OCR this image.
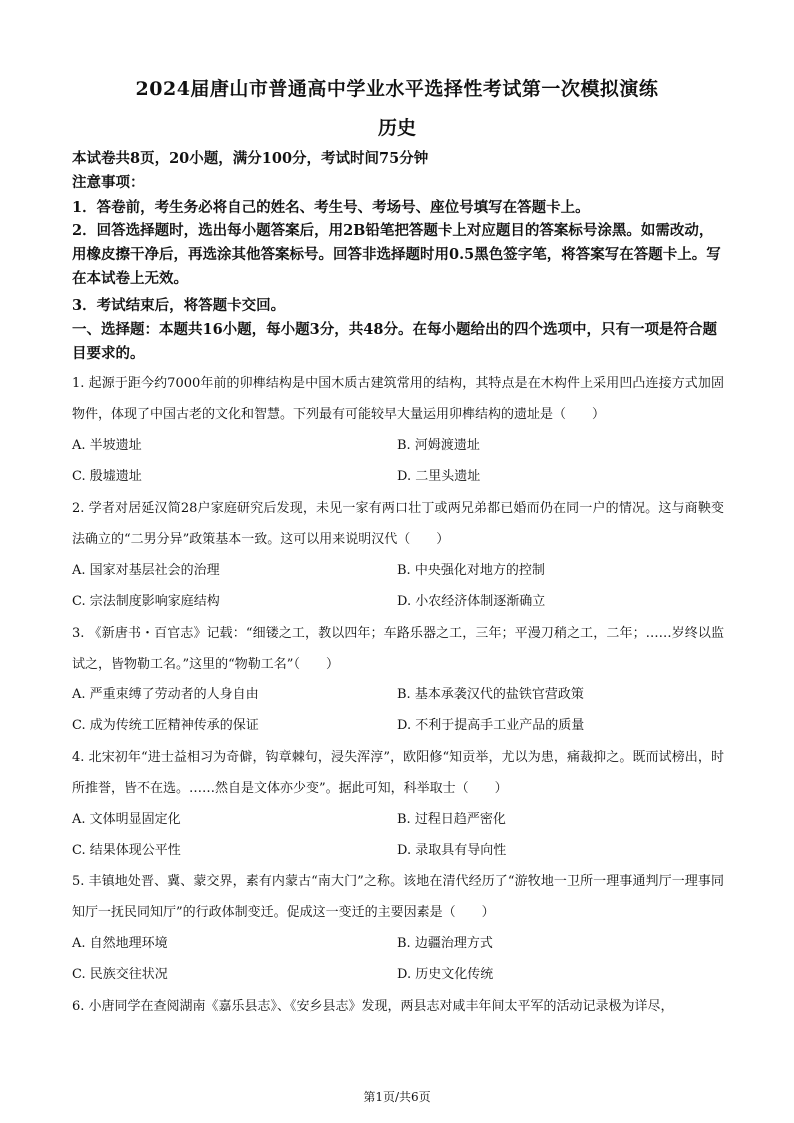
2024届唐山市普通高中学业水平选择性考试第一次模拟演练
历史

本试卷共8页，20小题，满分100分，考试时间75分钟

注意事项：

1．答卷前，考生务必将自己的姓名、考生号、考场号、座位号填写在答题卡上。

2．回答选择题时，选出每小题答案后，用2B铅笔把答题卡上对应题目的答案标号涂黑。如需改动，用橡皮擦干净后，再选涂其他答案标号。回答非选择题时用0.5黑色签字笔，将答案写在答题卡上。写在本试卷上无效。

3．考试结束后，将答题卡交回。

一、选择题：本题共16小题，每小题3分，共48分。在每小题给出的四个选项中，只有一项是符合题目要求的。

1. 起源于距今约7000年前的卯榫结构是中国木质古建筑常用的结构，其特点是在木构件上采用凹凸连接方式加固物件，体现了中国古老的文化和智慧。下列最有可能较早大量运用卯榫结构的遗址是（　　）

A. 半坡遗址	B. 河姆渡遗址
C. 殷墟遗址	D. 二里头遗址

2. 学者对居延汉简28户家庭研究后发现，未见一家有两口壮丁或两兄弟都已婚而仍在同一户的情况。这与商鞅变法确立的“二男分异”政策基本一致。这可以用来说明汉代（　　）

A. 国家对基层社会的治理	B. 中央强化对地方的控制
C. 宗法制度影响家庭结构	D. 小农经济体制逐渐确立

3. 《新唐书・百官志》记载：“细镂之工，教以四年；车路乐器之工，三年；平漫刀稍之工，二年；……岁终以监试之，皆物勒工名。”这里的“物勒工名”（　　）

A. 严重束缚了劳动者的人身自由	B. 基本承袭汉代的盐铁官营政策
C. 成为传统工匠精神传承的保证	D. 不利于提高手工业产品的质量

4. 北宋初年“进士益相习为奇僻，钩章棘句，浸失浑淳”，欧阳修“知贡举，尤以为患，痛裁抑之。既而试榜出，时所推誉，皆不在选。……然自是文体亦少变”。据此可知，科举取士（　　）

A. 文体明显固定化	B. 过程日趋严密化
C. 结果体现公平性	D. 录取具有导向性

5. 丰镇地处晋、冀、蒙交界，素有内蒙古“南大门”之称。该地在清代经历了“游牧地一卫所一理事通判厅一理事同知厅一抚民同知厅”的行政体制变迁。促成这一变迁的主要因素是（　　）

A. 自然地理环境	B. 边疆治理方式
C. 民族交往状况	D. 历史文化传统

6. 小唐同学在查阅湖南《嘉乐县志》、《安乡县志》发现，两县志对咸丰年间太平军的活动记录极为详尽，

第1页/共6页
